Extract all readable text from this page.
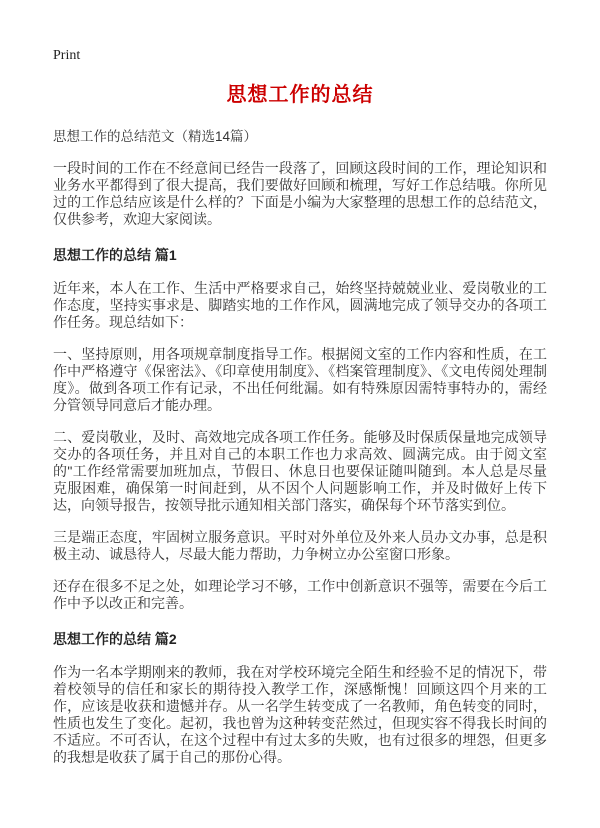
Print
思想工作的总结
思想工作的总结范文（精选14篇）

一段时间的工作在不经意间已经告一段落了，回顾这段时间的工作，理论知识和业务水平都得到了很大提高，我们要做好回顾和梳理，写好工作总结哦。你所见过的工作总结应该是什么样的？下面是小编为大家整理的思想工作的总结范文，仅供参考，欢迎大家阅读。

思想工作的总结 篇1

近年来，本人在工作、生活中严格要求自己，始终坚持兢兢业业、爱岗敬业的工作态度，坚持实事求是、脚踏实地的工作作风，圆满地完成了领导交办的各项工作任务。现总结如下：

一、坚持原则，用各项规章制度指导工作。根据阅文室的工作内容和性质，在工作中严格遵守《保密法》、《印章使用制度》、《档案管理制度》、《文电传阅处理制度》。做到各项工作有记录，不出任何纰漏。如有特殊原因需特事特办的，需经分管领导同意后才能办理。

二、爱岗敬业，及时、高效地完成各项工作任务。能够及时保质保量地完成领导交办的各项任务，并且对自己的本职工作也力求高效、圆满完成。由于阅文室的"工作经常需要加班加点，节假日、休息日也要保证随叫随到。本人总是尽量克服困难，确保第一时间赶到，从不因个人问题影响工作，并及时做好上传下达，向领导报告，按领导批示通知相关部门落实，确保每个环节落实到位。

三是端正态度，牢固树立服务意识。平时对外单位及外来人员办文办事，总是积极主动、诚恳待人，尽最大能力帮助，力争树立办公室窗口形象。

还存在很多不足之处，如理论学习不够，工作中创新意识不强等，需要在今后工作中予以改正和完善。

思想工作的总结 篇2

作为一名本学期刚来的教师，我在对学校环境完全陌生和经验不足的情况下，带着校领导的信任和家长的期待投入教学工作，深感惭愧！回顾这四个月来的工作，应该是收获和遗憾并存。从一名学生转变成了一名教师，角色转变的同时，性质也发生了变化。起初，我也曾为这种转变茫然过，但现实容不得我长时间的不适应。不可否认，在这个过程中有过太多的失败，也有过很多的埋怨，但更多的我想是收获了属于自己的那份心得。
